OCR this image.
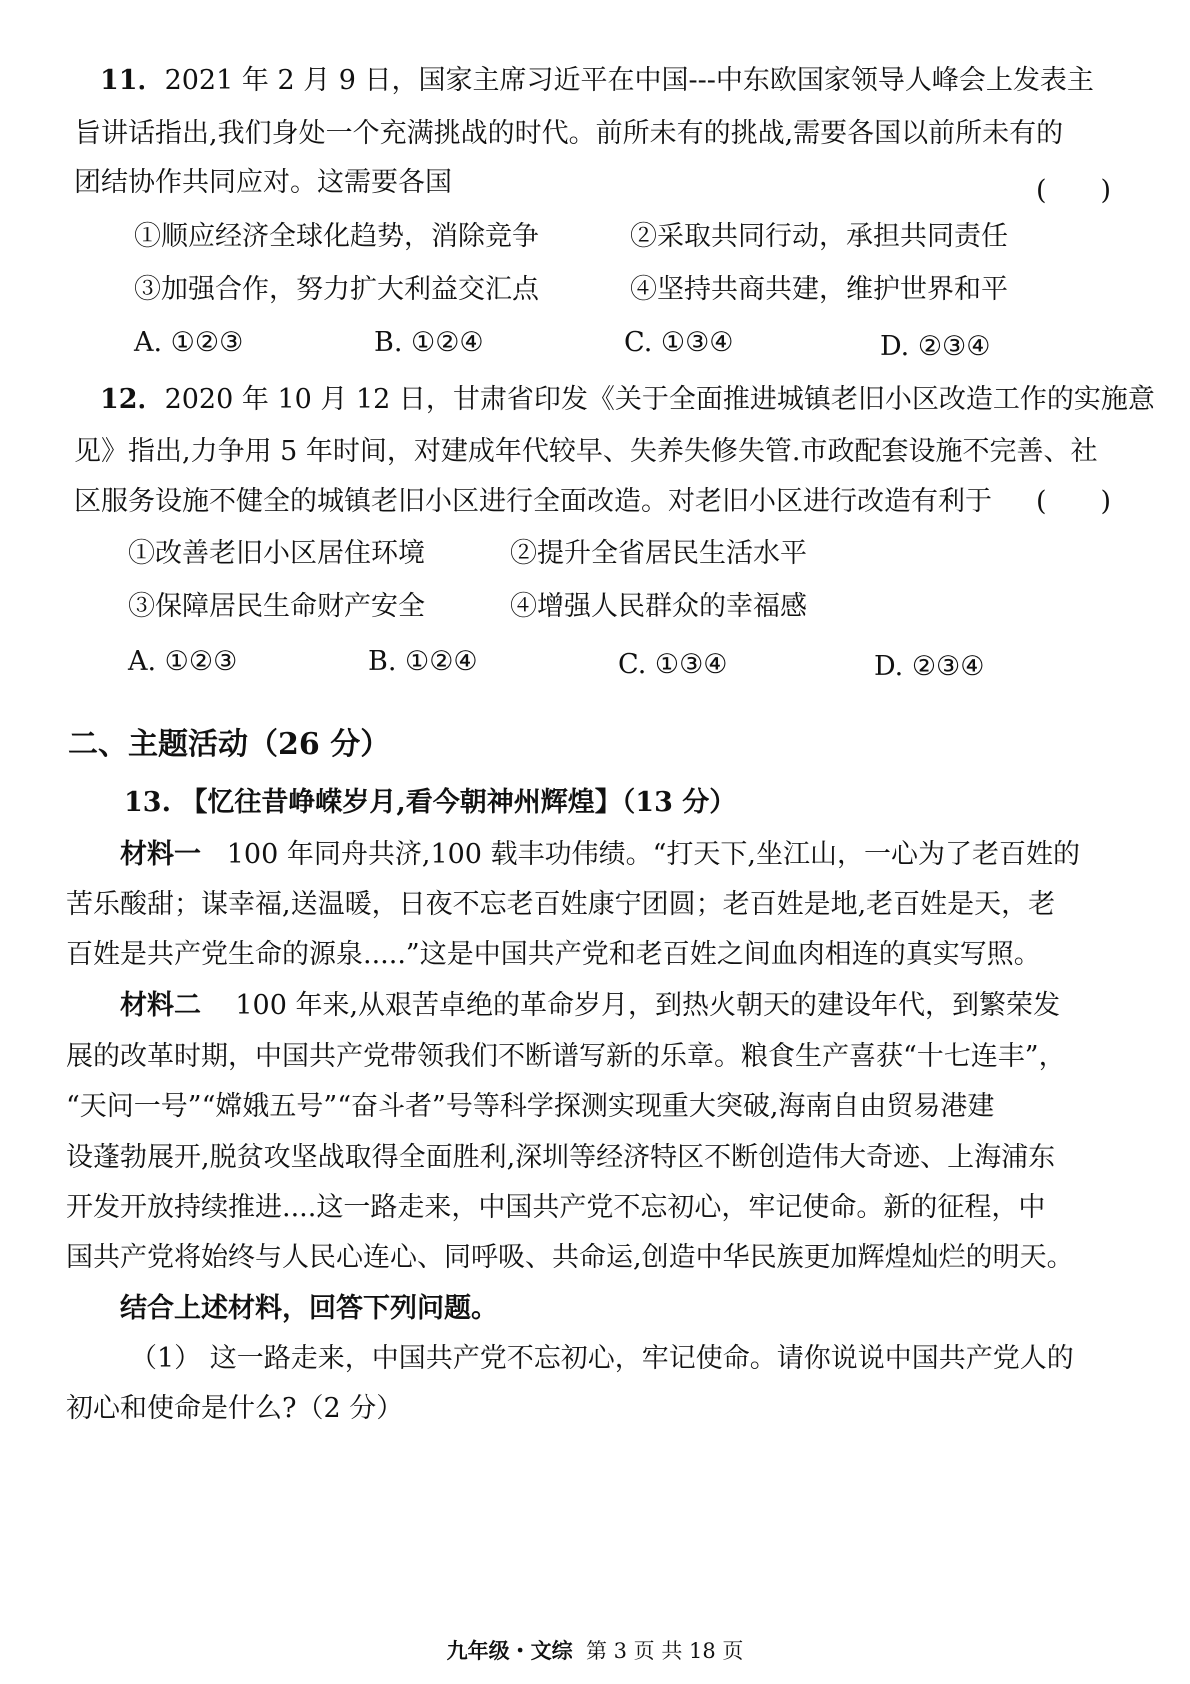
11．2021 年 2 月 9 日，国家主席习近平在中国---中东欧国家领导人峰会上发表主
旨讲话指出,我们身处一个充满挑战的时代。前所未有的挑战,需要各国以前所未有的
团结协作共同应对。这需要各国	(　　)
①顺应经济全球化趋势，消除竞争	②采取共同行动，承担共同责任
③加强合作，努力扩大利益交汇点	④坚持共商共建，维护世界和平
A. ①②③	B. ①②④	C. ①③④	D. ②③④
12．2020 年 10 月 12 日，甘肃省印发《关于全面推进城镇老旧小区改造工作的实施意
见》指出,力争用 5 年时间，对建成年代较早、失养失修失管.市政配套设施不完善、社
区服务设施不健全的城镇老旧小区进行全面改造。对老旧小区进行改造有利于 (　　)
①改善老旧小区居住环境	②提升全省居民生活水平
③保障居民生命财产安全	④增强人民群众的幸福感
A. ①②③	B. ①②④	C. ①③④	D. ②③④
二、主题活动（26 分）
13. 【忆往昔峥嵘岁月,看今朝神州辉煌】（13 分）
材料一 100 年同舟共济,100 载丰功伟绩。“打天下,坐江山，一心为了老百姓的
苦乐酸甜；谋幸福,送温暖，日夜不忘老百姓康宁团圆；老百姓是地,老百姓是天，老
百姓是共产党生命的源泉.....”这是中国共产党和老百姓之间血肉相连的真实写照。
材料二 100 年来,从艰苦卓绝的革命岁月，到热火朝天的建设年代，到繁荣发
展的改革时期，中国共产党带领我们不断谱写新的乐章。粮食生产喜获“十七连丰”，
“天问一号”“嫦娥五号”“奋斗者”号等科学探测实现重大突破,海南自由贸易港建
设蓬勃展开,脱贫攻坚战取得全面胜利,深圳等经济特区不断创造伟大奇迹、上海浦东
开发开放持续推进....这一路走来，中国共产党不忘初心，牢记使命。新的征程，中
国共产党将始终与人民心连心、同呼吸、共命运,创造中华民族更加辉煌灿烂的明天。
结合上述材料，回答下列问题。
（1） 这一路走来，中国共产党不忘初心，牢记使命。请你说说中国共产党人的
初心和使命是什么?（2 分）
九年级・文综 第 3 页 共 18 页
